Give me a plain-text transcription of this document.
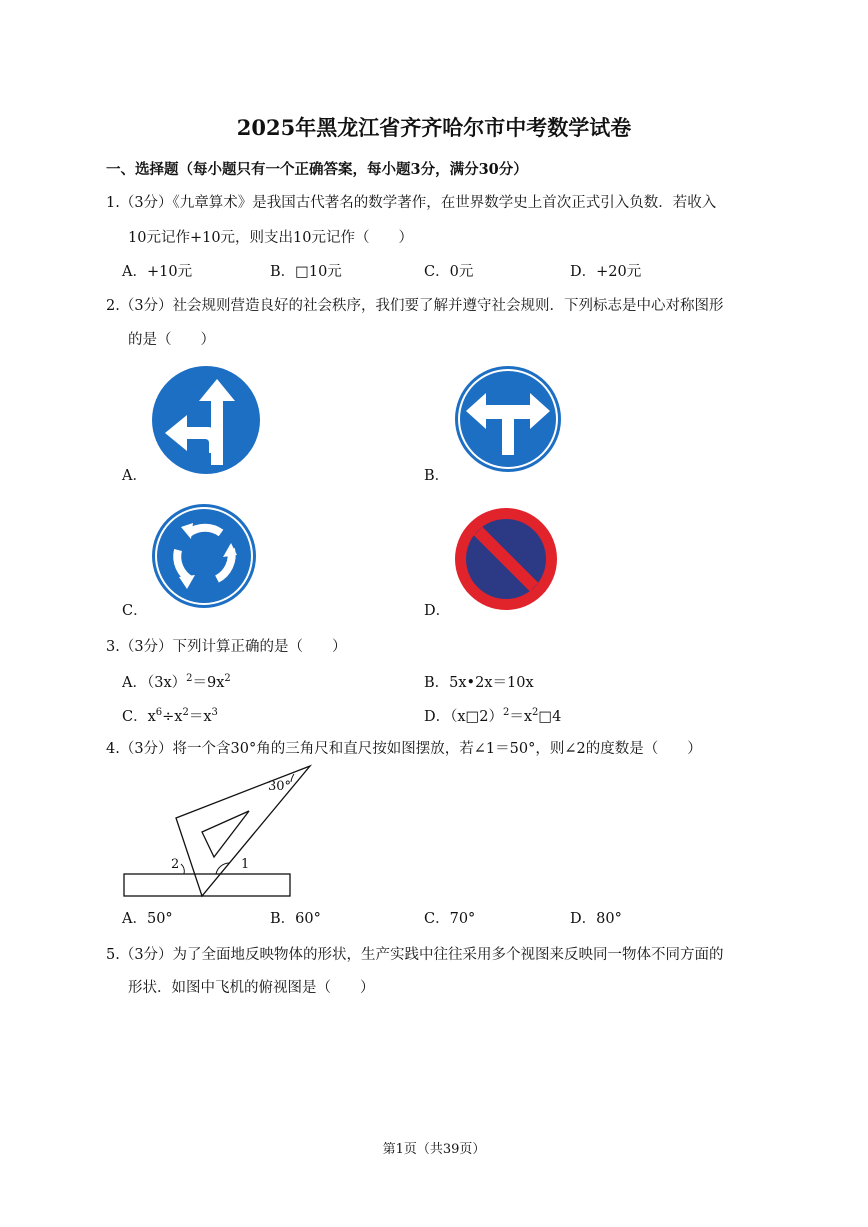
2025年黑龙江省齐齐哈尔市中考数学试卷
一、选择题（每小题只有一个正确答案，每小题3分，满分30分）
1.（3分）《九章算术》是我国古代著名的数学著作，在世界数学史上首次正式引入负数．若收入
10元记作+10元，则支出10元记作（　　）
A．+10元	B．□10元	C．0元	D．+20元
2.（3分）社会规则营造良好的社会秩序，我们要了解并遵守社会规则．下列标志是中心对称图形
的是（　　）
A．	B．
C．	D．
3.（3分）下列计算正确的是（　　）
A．$(3x)^2=9x^2$	B．5x•2x＝10x
C．$x^6\div x^2=x^3$	D．$(x□2)^2=x^2□4$
4.（3分）将一个含30°角的三角尺和直尺按如图摆放，若∠1＝50°，则∠2的度数是（　　）
30°
1
2
A．50°	B．60°	C．70°	D．80°
5.（3分）为了全面地反映物体的形状，生产实践中往往采用多个视图来反映同一物体不同方面的
形状．如图中飞机的俯视图是（　　）
第1页（共39页）
